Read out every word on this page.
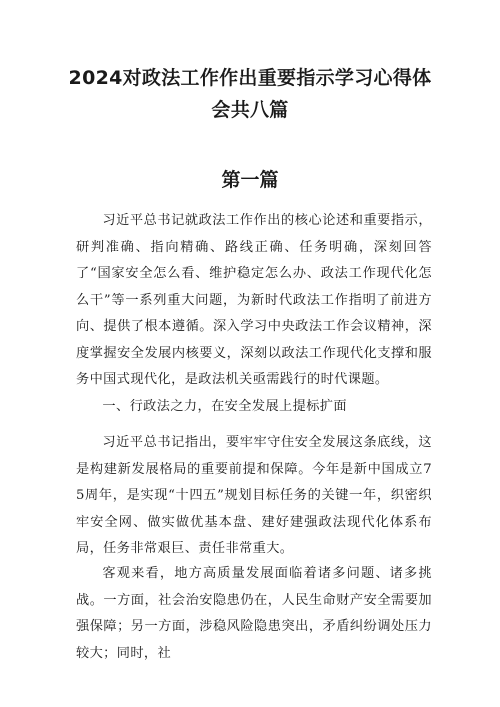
2024对政法工作作出重要指示学习心得体会共八篇
第一篇

习近平总书记就政法工作作出的核心论述和重要指示，研判准确、指向精确、路线正确、任务明确，深刻回答了“国家安全怎么看、维护稳定怎么办、政法工作现代化怎么干”等一系列重大问题，为新时代政法工作指明了前进方向、提供了根本遵循。深入学习中央政法工作会议精神，深度掌握安全发展内核要义，深刻以政法工作现代化支撑和服务中国式现代化，是政法机关亟需践行的时代课题。

一、行政法之力，在安全发展上提标扩面

习近平总书记指出，要牢牢守住安全发展这条底线，这是构建新发展格局的重要前提和保障。今年是新中国成立75周年，是实现“十四五”规划目标任务的关键一年，织密织牢安全网、做实做优基本盘、建好建强政法现代化体系布局，任务非常艰巨、责任非常重大。

客观来看，地方高质量发展面临着诸多问题、诸多挑战。一方面，社会治安隐患仍在，人民生命财产安全需要加强保障；另一方面，涉稳风险隐患突出，矛盾纠纷调处压力较大；同时，社
